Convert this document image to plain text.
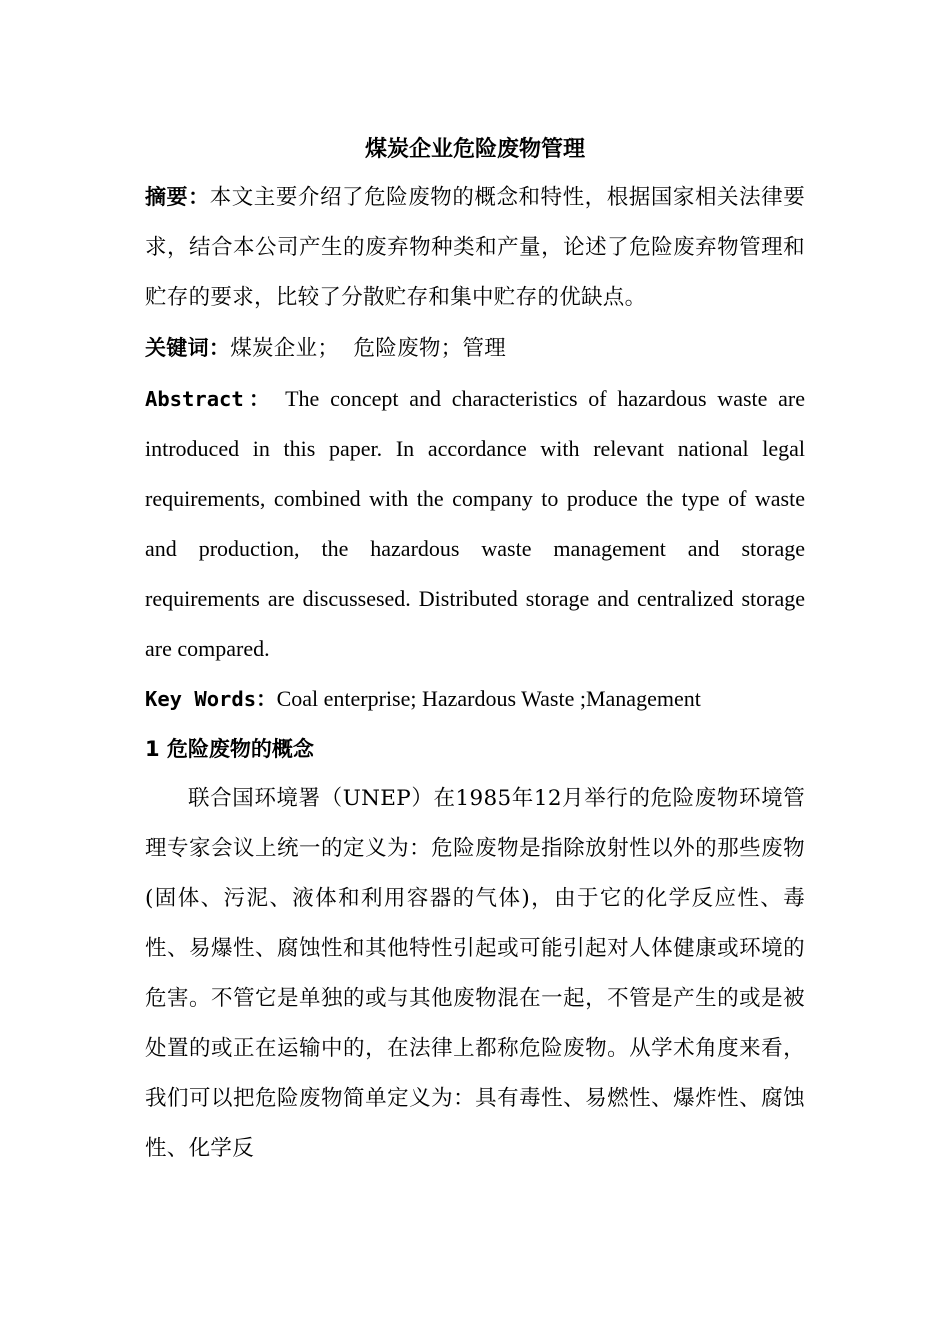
煤炭企业危险废物管理

摘要：本文主要介绍了危险废物的概念和特性，根据国家相关法律要求，结合本公司产生的废弃物种类和产量，论述了危险废弃物管理和贮存的要求，比较了分散贮存和集中贮存的优缺点。

关键词：煤炭企业；  危险废物；管理

Abstract： The concept and characteristics of hazardous waste are introduced in this paper. In accordance with relevant national legal requirements, combined with the company to produce the type of waste and production, the hazardous waste management and storage requirements are discussesed. Distributed storage and centralized storage are compared.

Key Words：Coal enterprise; Hazardous Waste ;Management

1 危险废物的概念

联合国环境署（UNEP）在1985年12月举行的危险废物环境管理专家会议上统一的定义为：危险废物是指除放射性以外的那些废物(固体、污泥、液体和利用容器的气体)，由于它的化学反应性、毒性、易爆性、腐蚀性和其他特性引起或可能引起对人体健康或环境的危害。不管它是单独的或与其他废物混在一起，不管是产生的或是被处置的或正在运输中的，在法律上都称危险废物。从学术角度来看，我们可以把危险废物简单定义为：具有毒性、易燃性、爆炸性、腐蚀性、化学反
